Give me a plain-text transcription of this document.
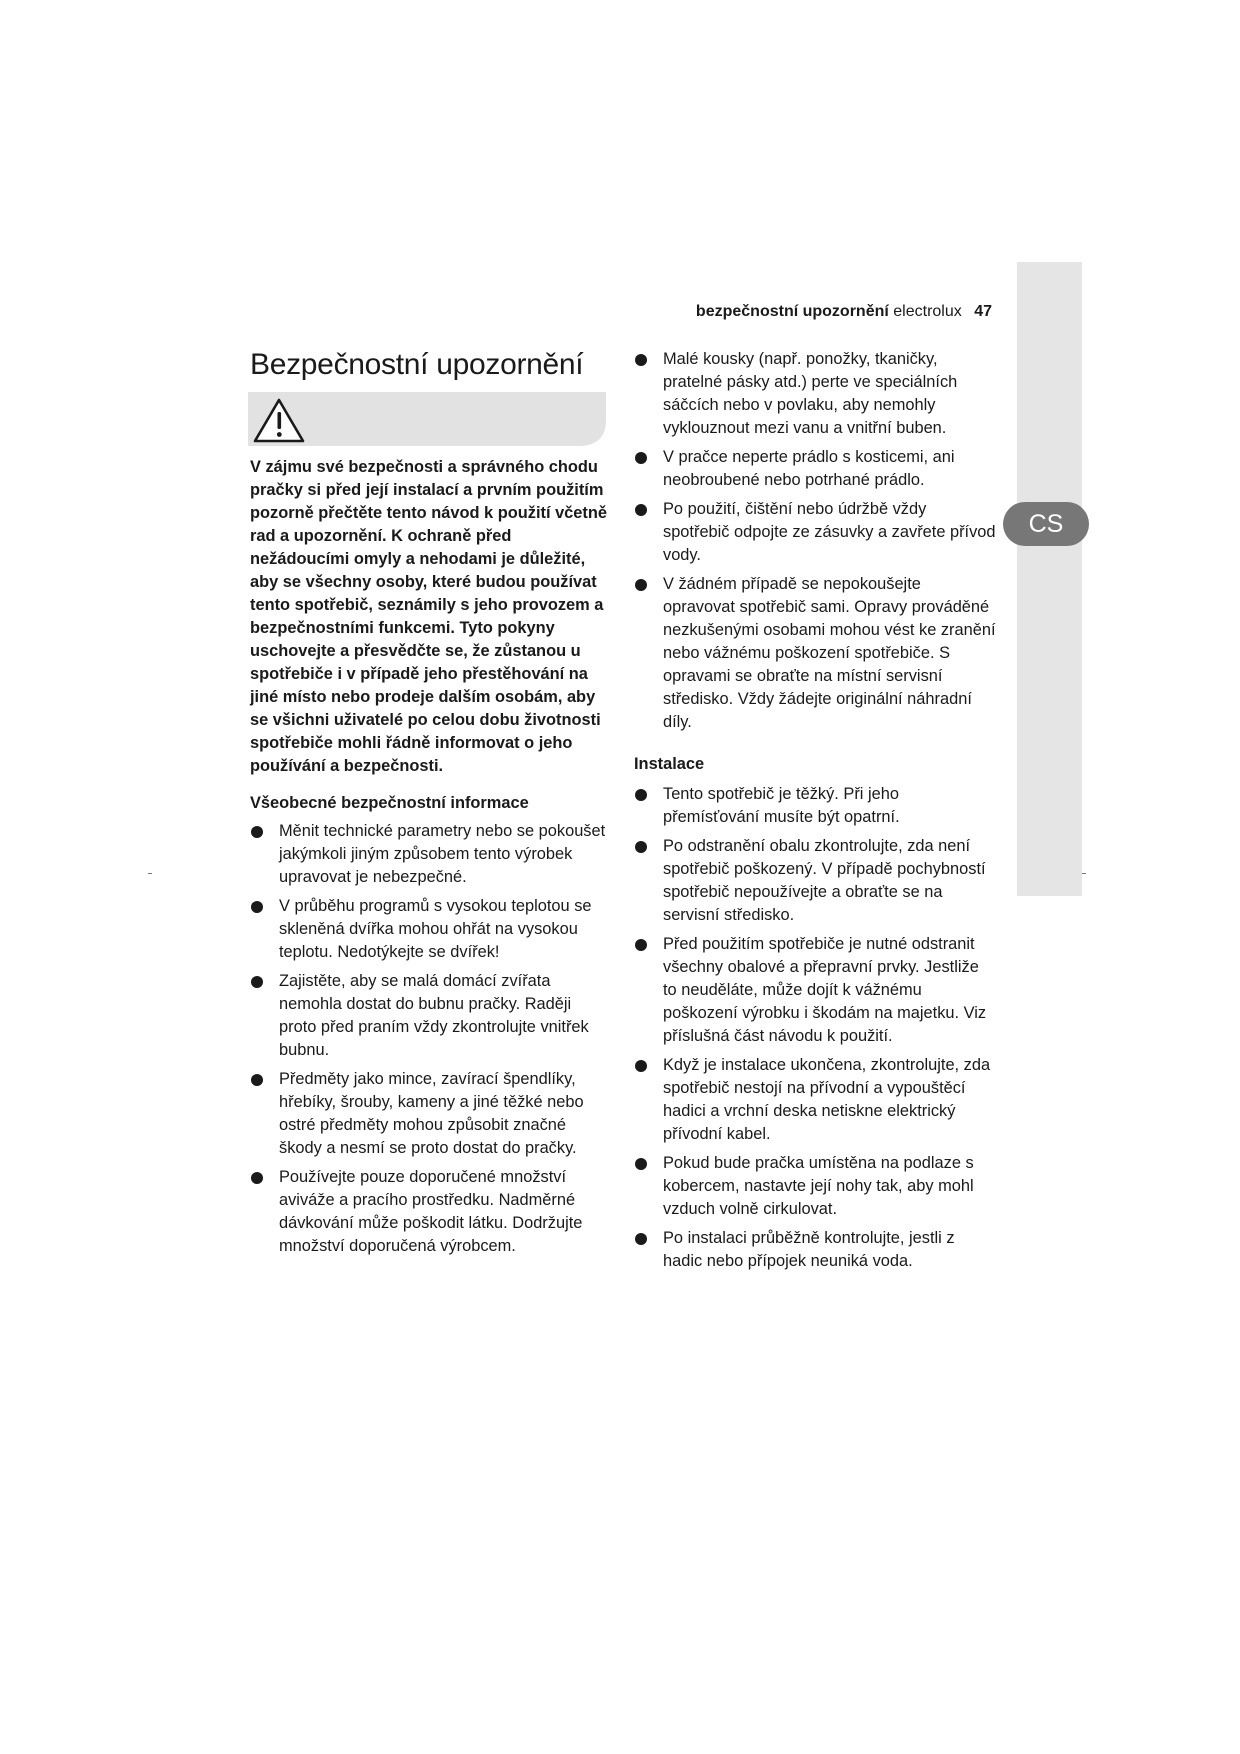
CS
bezpečnostní upozornění electrolux 47
Bezpečnostní upozornění

V zájmu své bezpečnosti a správného chodu pračky si před její instalací a prvním použitím pozorně přečtěte tento návod k použití včetně rad a upozornění. K ochraně před nežádoucími omyly a nehodami je důležité, aby se všechny osoby, které budou používat tento spotřebič, seznámily s jeho provozem a bezpečnostními funkcemi. Tyto pokyny uschovejte a přesvědčte se, že zůstanou u spotřebiče i v případě jeho přestěhování na jiné místo nebo prodeje dalším osobám, aby se všichni uživatelé po celou dobu životnosti spotřebiče mohli řádně informovat o jeho používání a bezpečnosti.

Všeobecné bezpečnostní informace
Měnit technické parametry nebo se pokoušet jakýmkoli jiným způsobem tento výrobek upravovat je nebezpečné.
V průběhu programů s vysokou teplotou se skleněná dvířka mohou ohřát na vysokou teplotu. Nedotýkejte se dvířek!
Zajistěte, aby se malá domácí zvířata nemohla dostat do bubnu pračky. Raději proto před praním vždy zkontrolujte vnitřek bubnu.
Předměty jako mince, zavírací špendlíky, hřebíky, šrouby, kameny a jiné těžké nebo ostré předměty mohou způsobit značné škody a nesmí se proto dostat do pračky.
Používejte pouze doporučené množství aviváže a pracího prostředku. Nadměrné dávkování může poškodit látku. Dodržujte množství doporučená výrobcem.
Malé kousky (např. ponožky, tkaničky, pratelné pásky atd.) perte ve speciálních sáčcích nebo v povlaku, aby nemohly vyklouznout mezi vanu a vnitřní buben.
V pračce neperte prádlo s kosticemi, ani neobroubené nebo potrhané prádlo.
Po použití, čištění nebo údržbě vždy spotřebič odpojte ze zásuvky a zavřete přívod vody.
V žádném případě se nepokoušejte opravovat spotřebič sami. Opravy prováděné nezkušenými osobami mohou vést ke zranění nebo vážnému poškození spotřebiče. S opravami se obraťte na místní servisní středisko. Vždy žádejte originální náhradní díly.
Instalace
Tento spotřebič je těžký. Při jeho přemísťování musíte být opatrní.
Po odstranění obalu zkontrolujte, zda není spotřebič poškozený. V případě pochybností spotřebič nepoužívejte a obraťte se na servisní středisko.
Před použitím spotřebiče je nutné odstranit všechny obalové a přepravní prvky. Jestliže to neuděláte, může dojít k vážnému poškození výrobku i škodám na majetku. Viz příslušná část návodu k použití.
Když je instalace ukončena, zkontrolujte, zda spotřebič nestojí na přívodní a vypouštěcí hadici a vrchní deska netiskne elektrický přívodní kabel.
Pokud bude pračka umístěna na podlaze s kobercem, nastavte její nohy tak, aby mohl vzduch volně cirkulovat.
Po instalaci průběžně kontrolujte, jestli z hadic nebo přípojek neuniká voda.
